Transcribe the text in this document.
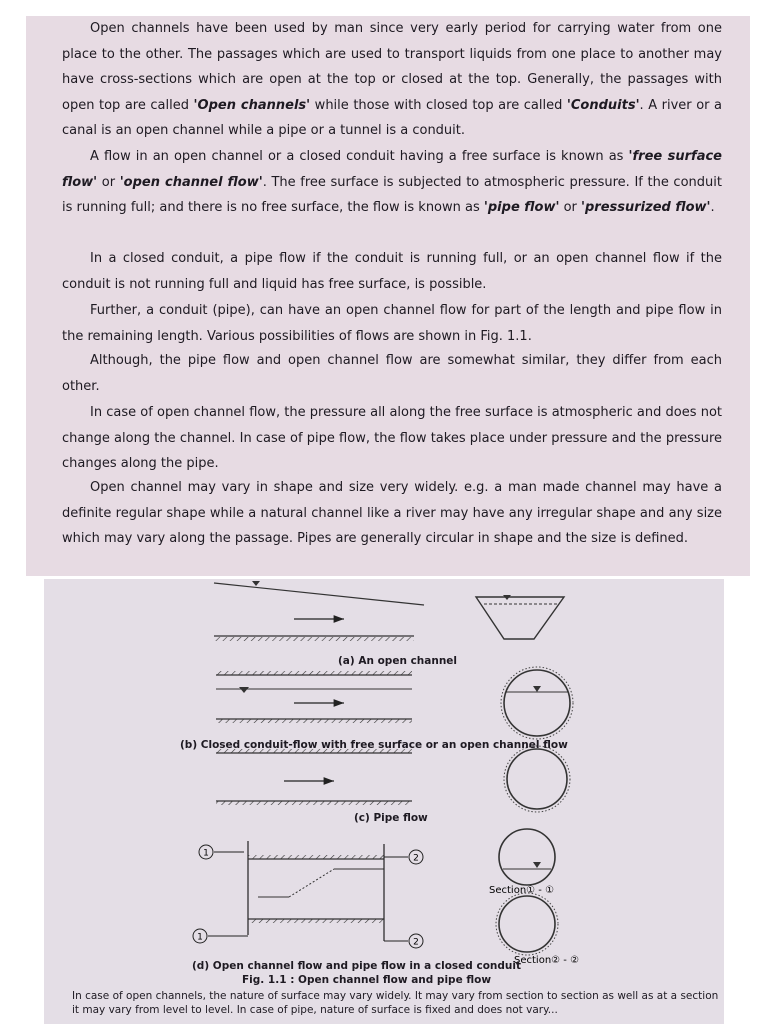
Open channels have been used by man since very early period for carrying water from one place to the other. The passages which are used to transport liquids from one place to another may have cross-sections which are open at the top or closed at the top. Generally, the passages with open top are called 'Open channels' while those with closed top are called 'Conduits'. A river or a canal is an open channel while a pipe or a tunnel is a conduit.

A flow in an open channel or a closed conduit having a free surface is known as 'free surface flow' or 'open channel flow'. The free surface is subjected to atmospheric pressure. If the conduit is running full; and there is no free surface, the flow is known as 'pipe flow' or 'pressurized flow'.

In a closed conduit, a pipe flow if the conduit is running full, or an open channel flow if the conduit is not running full and liquid has free surface, is possible.

Further, a conduit (pipe), can have an open channel flow for part of the length and pipe flow in the remaining length. Various possibilities of flows are shown in Fig. 1.1.

Although, the pipe flow and open channel flow are somewhat similar, they differ from each other.

In case of open channel flow, the pressure all along the free surface is atmospheric and does not change along the channel. In case of pipe flow, the flow takes place under pressure and the pressure changes along the pipe.

Open channel may vary in shape and size very widely. e.g. a man made channel may have a definite regular shape while a natural channel like a river may have any irregular shape and any size which may vary along the passage. Pipes are generally circular in shape and the size is defined.

1	2
1	2
Section① - ①
Section② - ②
(a) An open channel
(b) Closed conduit-flow with free surface or an open channel flow
(c) Pipe flow
(d) Open channel flow and pipe flow in a closed conduit
Fig. 1.1 : Open channel flow and pipe flow

In case of open channels, the nature of surface may vary widely. It may vary from section to section as well as at a section it may vary from level to level. In case of pipe, nature of surface is fixed and does not vary...
